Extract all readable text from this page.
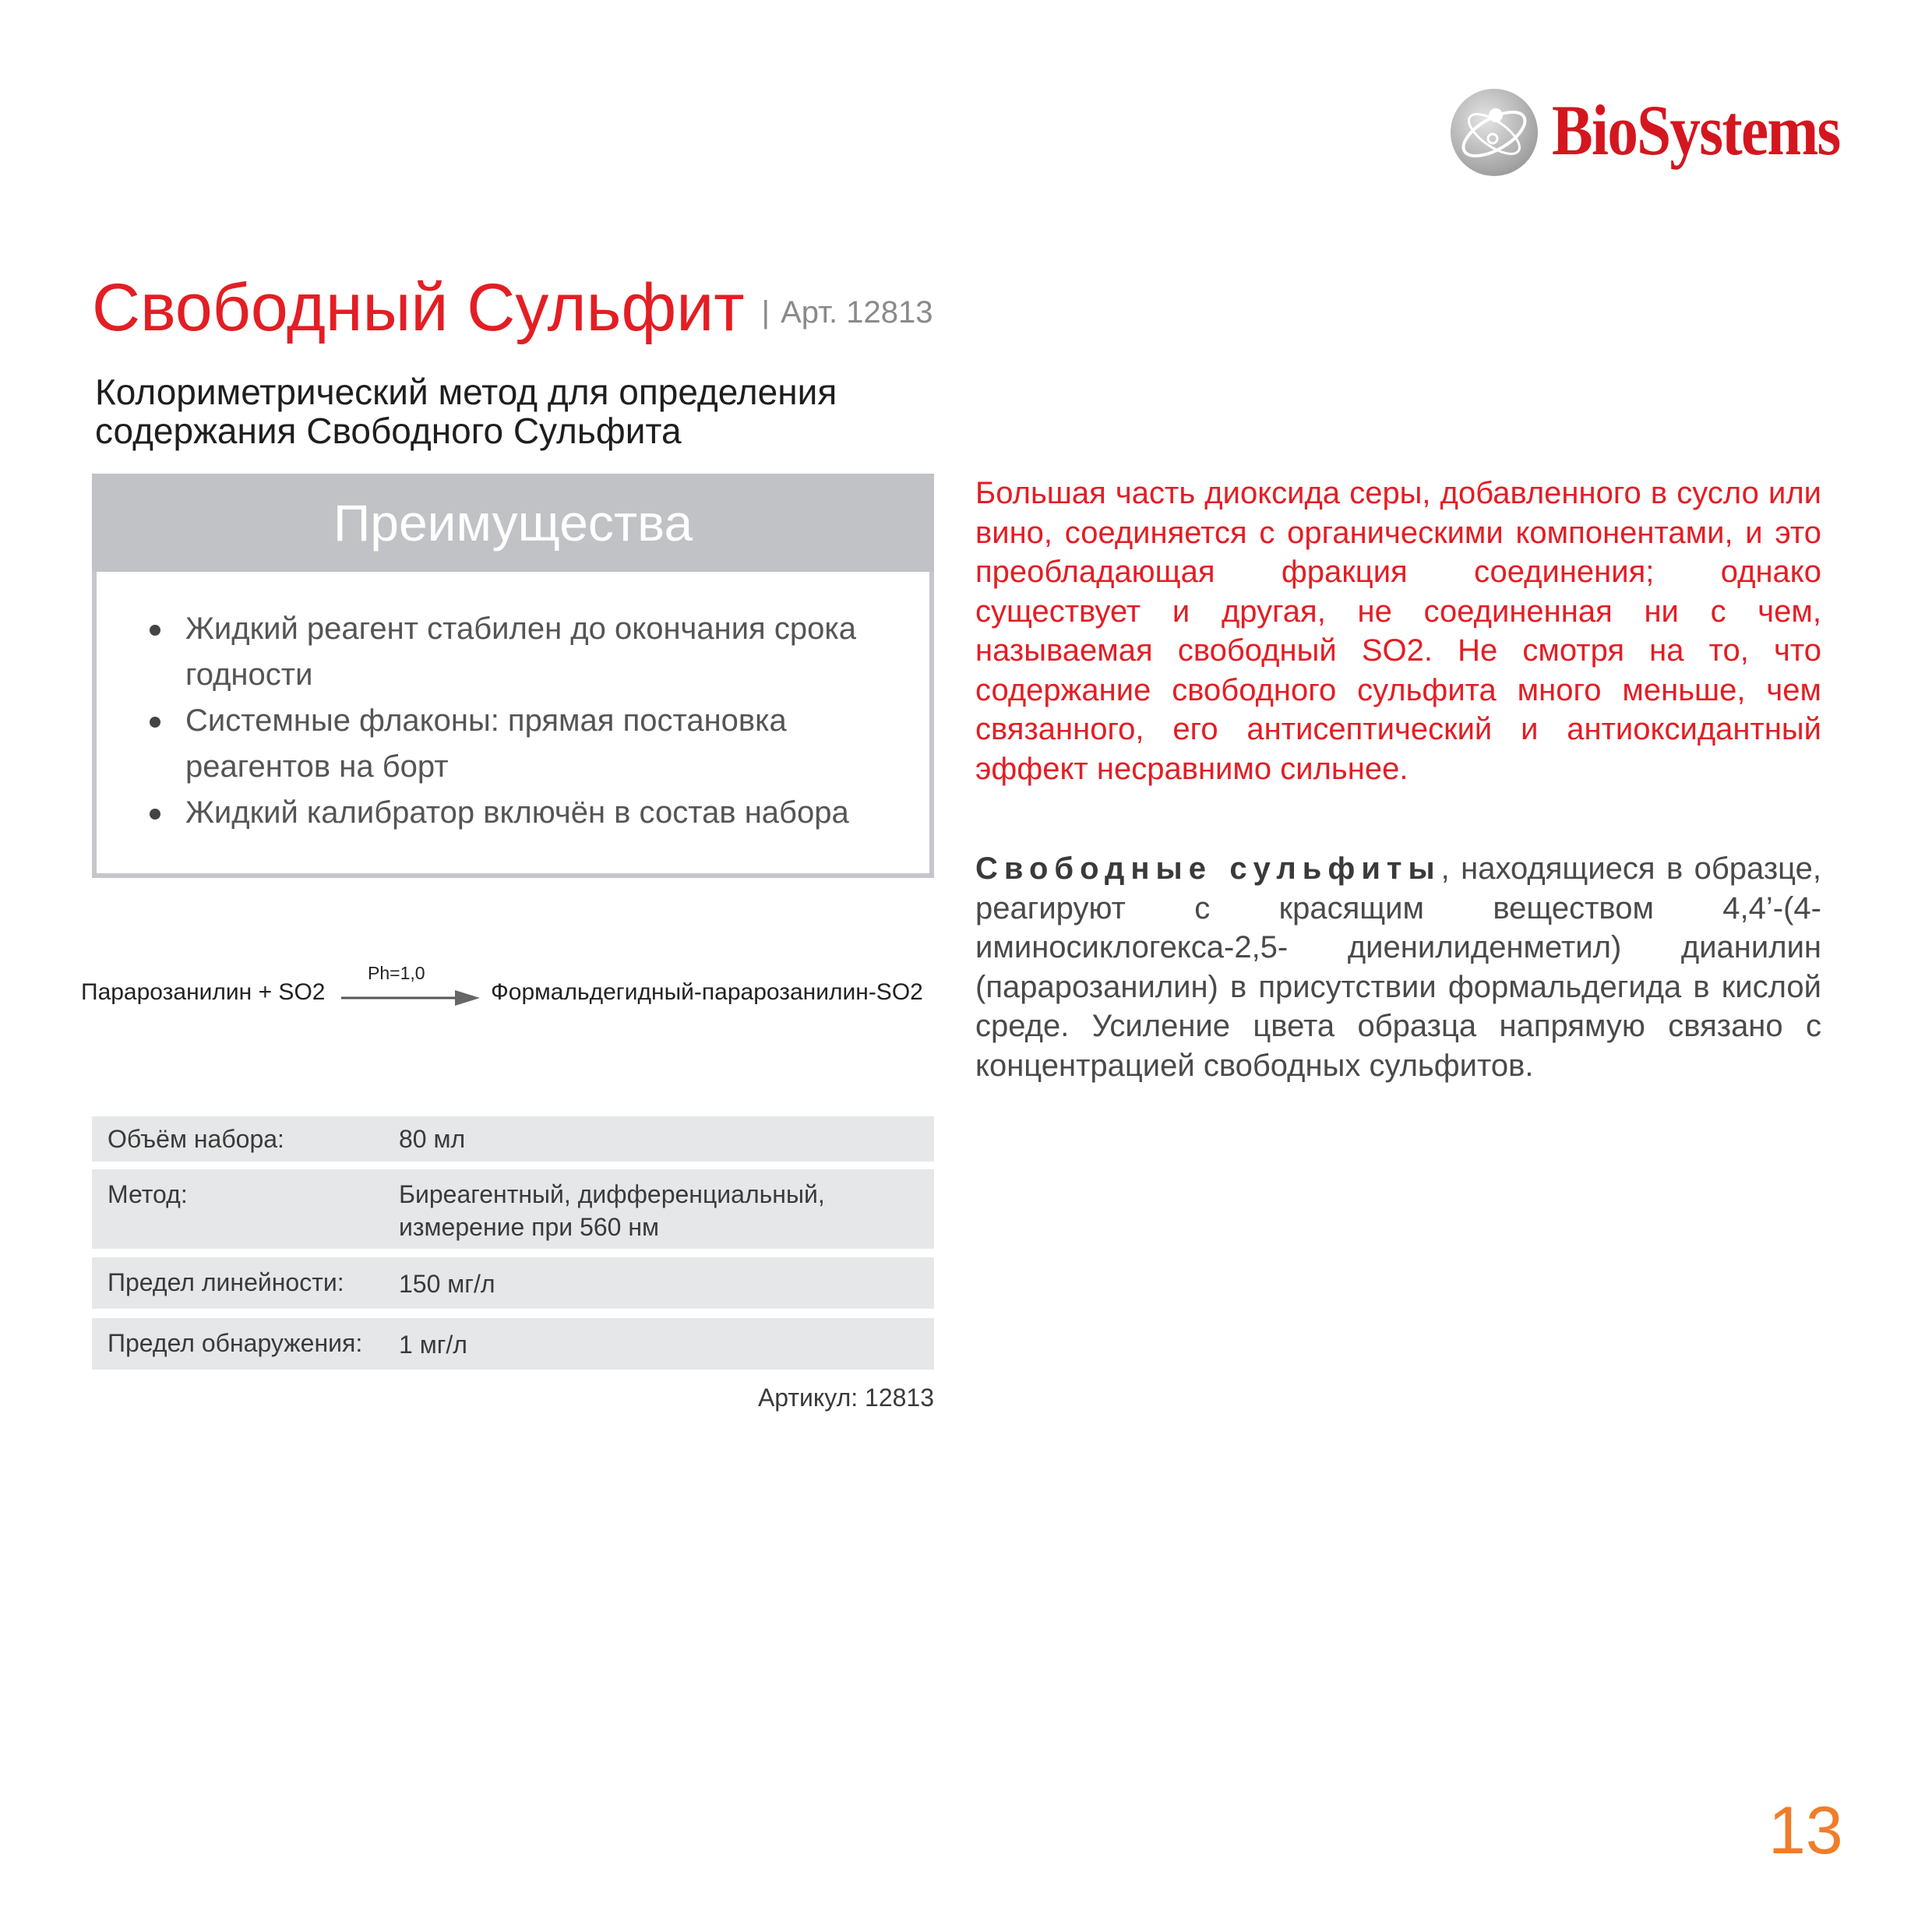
BioSystems
Свободный Сульфит | Арт. 12813
Колориметрический метод для определения содержания Свободного Сульфита
Преимущества
Жидкий реагент стабилен до окончания срока годности
Системные флаконы: прямая постановка реагентов на борт
Жидкий калибратор включён в состав набора
Парарозанилин + SO2
Ph=1,0
Формальдегидный-парарозанилин-SO2
Объём набора:	80 мл
Метод:	Биреагентный, дифференциальный, измерение при 560 нм
Предел линейности: 150 мг/л
Предел обнаружения: 1 мг/л
Артикул: 12813
Большая часть диоксида серы, добавленного в сусло или вино, соединяется с органическими компонентами, и это преобладающая фракция соединения; однако существует и другая, не соединенная ни с чем, называемая свободный SO2. Не смотря на то, что содержание свободного сульфита много меньше, чем связанного, его антисептический и антиоксидантный эффект несравнимо сильнее.
Свободные сульфиты, находящиеся в образце, реагируют с красящим веществом 4,4’-(4-иминосиклогекса-2,5- диенилиденметил) дианилин (парарозанилин) в присутствии формальдегида в кислой среде. Усиление цвета образца напрямую связано с концентрацией свободных сульфитов.
13
